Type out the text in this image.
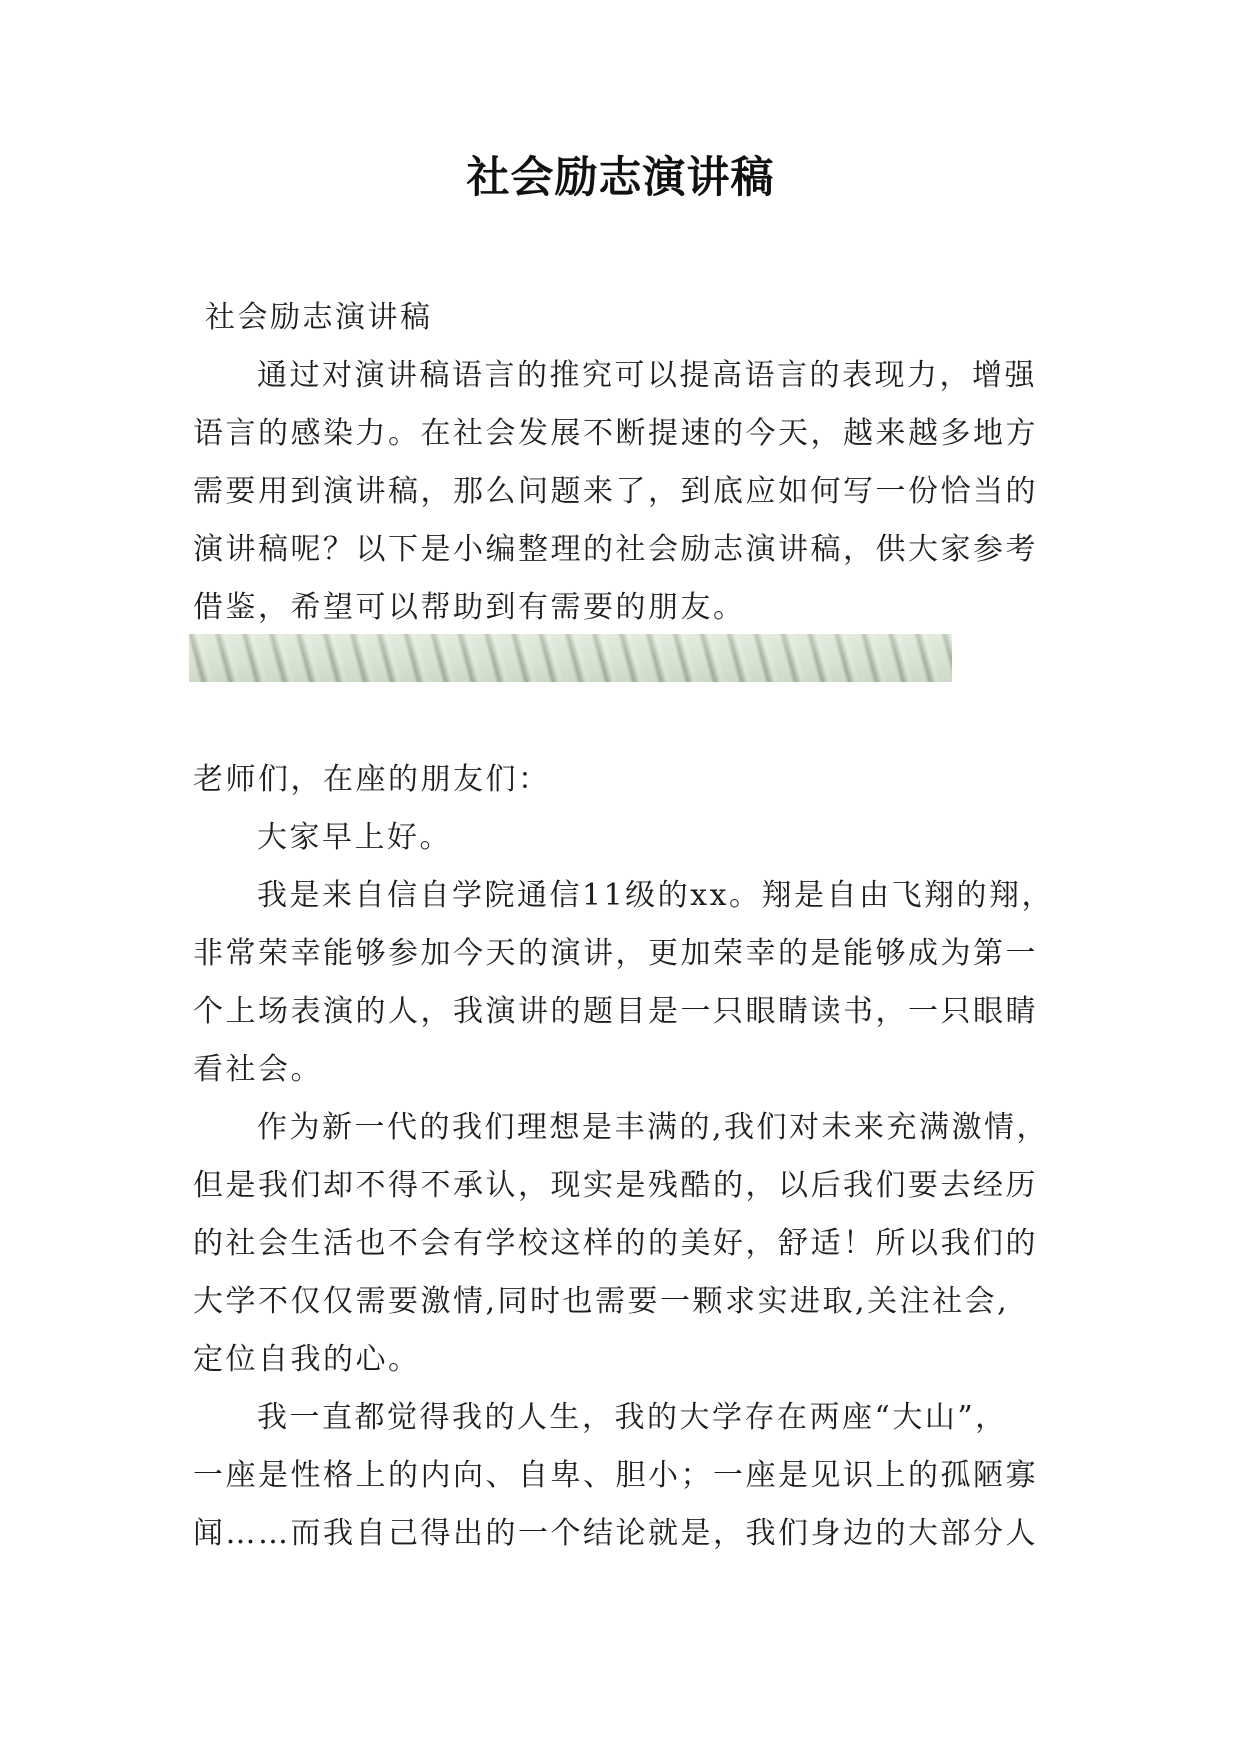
社会励志演讲稿
社会励志演讲稿
通过对演讲稿语言的推究可以提高语言的表现力，增强
语言的感染力。在社会发展不断提速的今天，越来越多地方
需要用到演讲稿，那么问题来了，到底应如何写一份恰当的
演讲稿呢？以下是小编整理的社会励志演讲稿，供大家参考
借鉴，希望可以帮助到有需要的朋友。
老师们，在座的朋友们：
大家早上好。
我是来自信自学院通信11级的xx。翔是自由飞翔的翔，
非常荣幸能够参加今天的演讲，更加荣幸的是能够成为第一
个上场表演的人，我演讲的题目是一只眼睛读书，一只眼睛
看社会。
作为新一代的我们理想是丰满的,我们对未来充满激情，
但是我们却不得不承认，现实是残酷的，以后我们要去经历
的社会生活也不会有学校这样的的美好，舒适！所以我们的
大学不仅仅需要激情,同时也需要一颗求实进取,关注社会,
定位自我的心。
我一直都觉得我的人生，我的大学存在两座“大山”，
一座是性格上的内向、自卑、胆小；一座是见识上的孤陋寡
闻……而我自己得出的一个结论就是，我们身边的大部分人
